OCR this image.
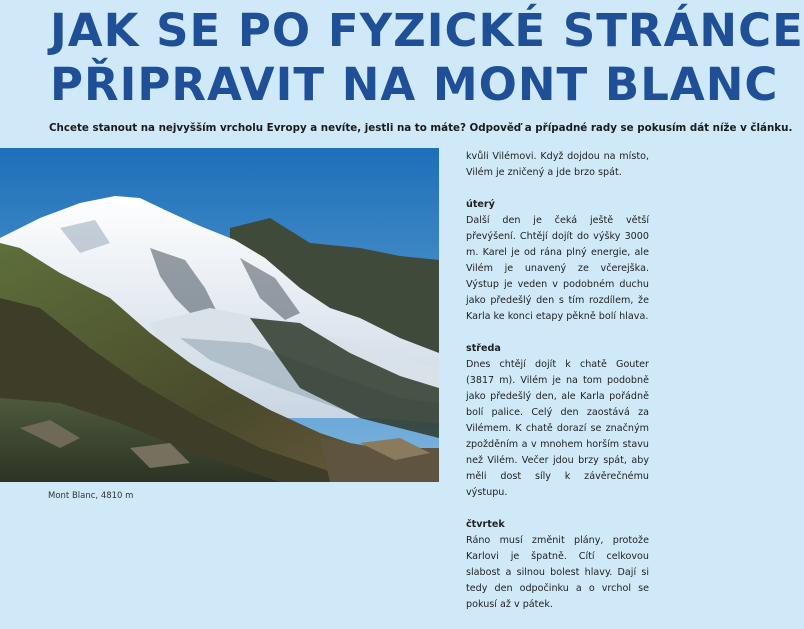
JAK SE PO FYZICKÉ STRÁNCE
PŘIPRAVIT NA MONT BLANC
Chcete stanout na nejvyšším vrcholu Evropy a nevíte, jestli na to máte? Odpověď a případné rady se pokusím dát níže v článku.
Mont Blanc, 4810 m

kvůli Vilémovi. Když dojdou na místo, Vilém je zničený a jde brzo spát.

úterý
Další den je čeká ještě větší převýšení. Chtějí dojít do výšky 3000 m. Karel je od rána plný energie, ale Vilém je unavený ze včerejška. Výstup je veden v podobném duchu jako předešlý den s tím rozdílem, že Karla ke konci etapy pěkně bolí hlava.

středa
Dnes chtějí dojít k chatě Gouter (3817 m). Vilém je na tom podobně jako předešlý den, ale Karla pořádně bolí palice. Celý den zaostává za Vilémem. K chatě dorazí se značným zpožděním a v mnohem horším stavu než Vilém. Večer jdou brzy spát, aby měli dost síly k závěrečnému výstupu.

čtvrtek
Ráno musí změnit plány, protože Karlovi je špatně. Cítí celkovou slabost a silnou bolest hlavy. Dají si tedy den odpočinku a o vrchol se pokusí až v pátek.
